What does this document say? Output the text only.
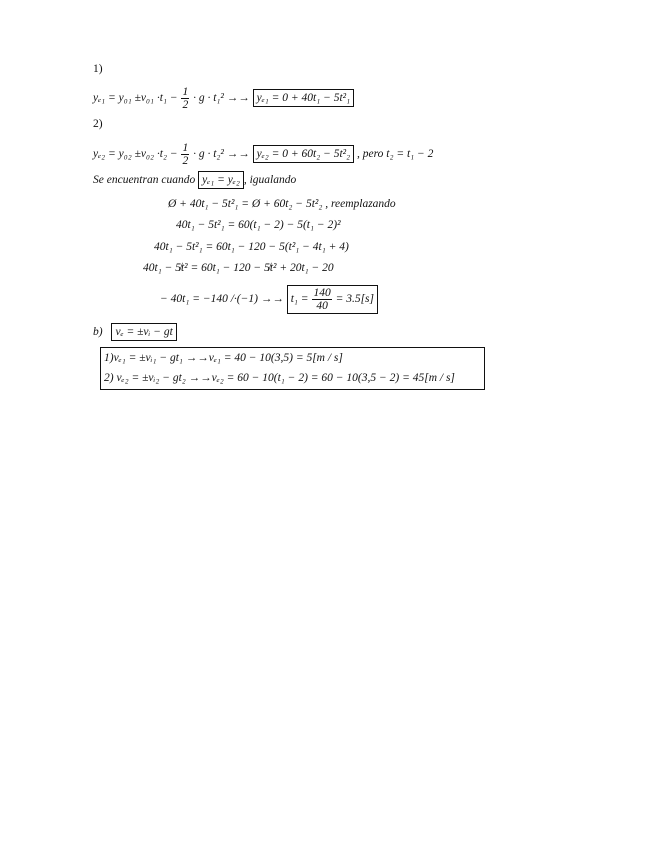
1)
$y_{e1} = y_{01} \pm v_{01} \cdot t_1 - \frac{1}{2} \cdot g \cdot t_1^2 \to\to y_{e1} = 0 + 40t_1 - 5t^2_1$
2)
$y_{e2} = y_{02} \pm v_{02} \cdot t_2 - \frac{1}{2} \cdot g \cdot t_2^2 \to\to y_{e2} = 0 + 60t_2 - 5t^2_2$ , pero t₂ = t₁ − 2
Se encuentran cuando yₑ₁ = yₑ₂ , igualando
Ø + 40t₁ − 5t²₁ = Ø + 60t₂ − 5t²₂ , reemplazando
40t₁ − 5t²₁ = 60(t₁ − 2) − 5(t₁ − 2)²
40t₁ − 5t²₁ = 60t₁ − 120 − 5(t²₁ − 4t₁ + 4)
40t₁ − 5̸t² = 60t₁ − 120 − 5̸t² + 20t₁ − 20
− 40t₁ = −140 $/\cdot(-1) \to\to t_1 = \frac{140}{40} = 3.5[s]$
b) vₑ = ±vᵢ − gt
1)vₑ₁ = ±vᵢ₁ − gt₁ →→vₑ₁ = 40 − 10(3,5) = 5[m / s]
2) vₑ₂ = ±vᵢ₂ − gt₂ →→vₑ₂ = 60 − 10(t₁ − 2) = 60 − 10(3,5 − 2) = 45[m / s]
